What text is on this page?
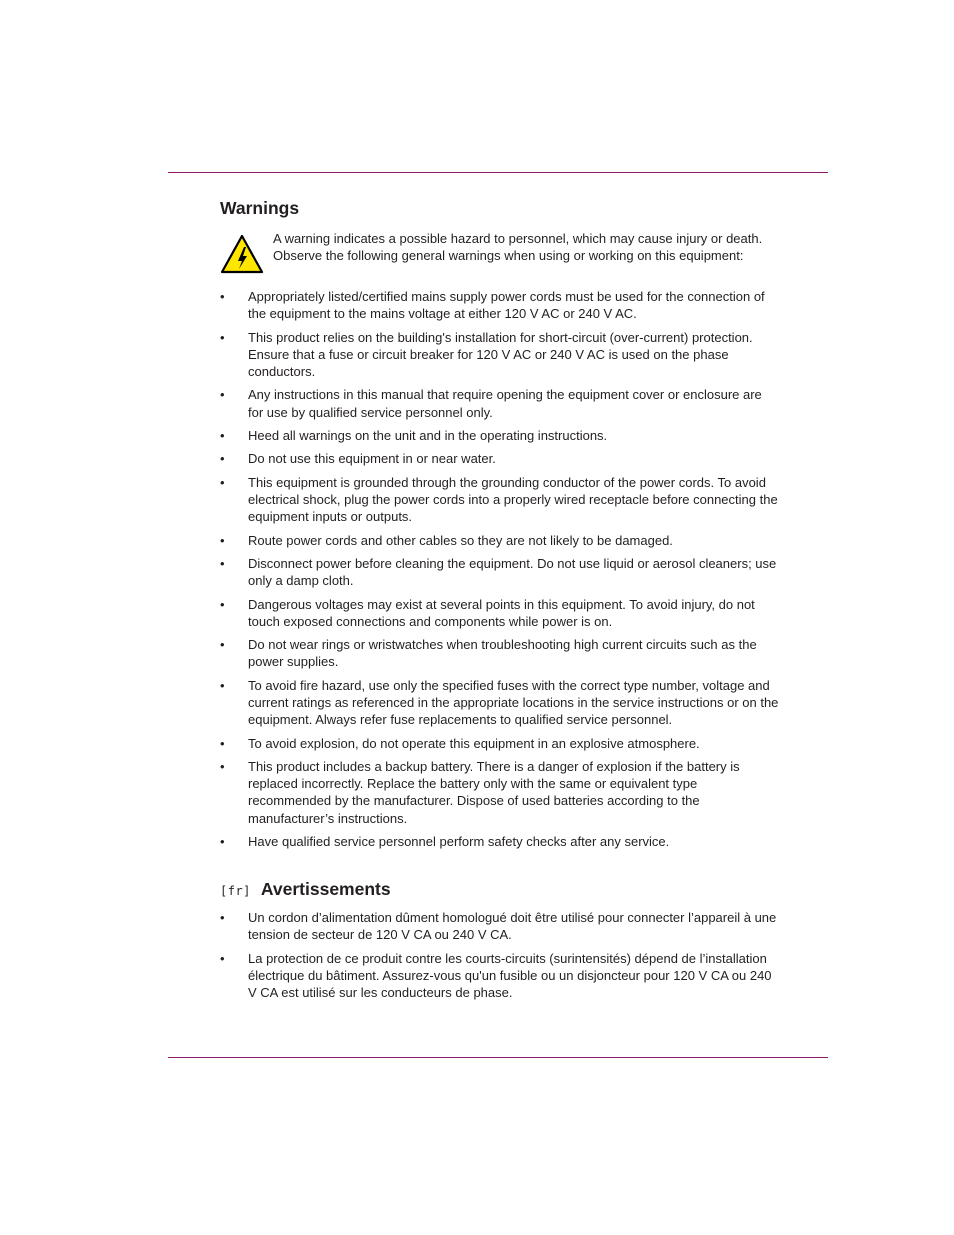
Warnings
A warning indicates a possible hazard to personnel, which may cause injury or death. Observe the following general warnings when using or working on this equipment:
• Appropriately listed/certified mains supply power cords must be used for the connection of the equipment to the mains voltage at either 120 V AC or 240 V AC.
• This product relies on the building's installation for short-circuit (over-current) protection. Ensure that a fuse or circuit breaker for 120 V AC or 240 V AC is used on the phase conductors.
• Any instructions in this manual that require opening the equipment cover or enclosure are for use by qualified service personnel only.
• Heed all warnings on the unit and in the operating instructions.
• Do not use this equipment in or near water.
• This equipment is grounded through the grounding conductor of the power cords. To avoid electrical shock, plug the power cords into a properly wired receptacle before connecting the equipment inputs or outputs.
• Route power cords and other cables so they are not likely to be damaged.
• Disconnect power before cleaning the equipment. Do not use liquid or aerosol cleaners; use only a damp cloth.
• Dangerous voltages may exist at several points in this equipment. To avoid injury, do not touch exposed connections and components while power is on.
• Do not wear rings or wristwatches when troubleshooting high current circuits such as the power supplies.
• To avoid fire hazard, use only the specified fuses with the correct type number, voltage and current ratings as referenced in the appropriate locations in the service instructions or on the equipment. Always refer fuse replacements to qualified service personnel.
• To avoid explosion, do not operate this equipment in an explosive atmosphere.
• This product includes a backup battery. There is a danger of explosion if the battery is replaced incorrectly. Replace the battery only with the same or equivalent type recommended by the manufacturer. Dispose of used batteries according to the manufacturer’s instructions.
• Have qualified service personnel perform safety checks after any service.
[fr] Avertissements
• Un cordon d’alimentation dûment homologué doit être utilisé pour connecter l’appareil à une tension de secteur de 120 V CA ou 240 V CA.
• La protection de ce produit contre les courts-circuits (surintensités) dépend de l’installation électrique du bâtiment. Assurez-vous qu'un fusible ou un disjoncteur pour 120 V CA ou 240 V CA est utilisé sur les conducteurs de phase.
